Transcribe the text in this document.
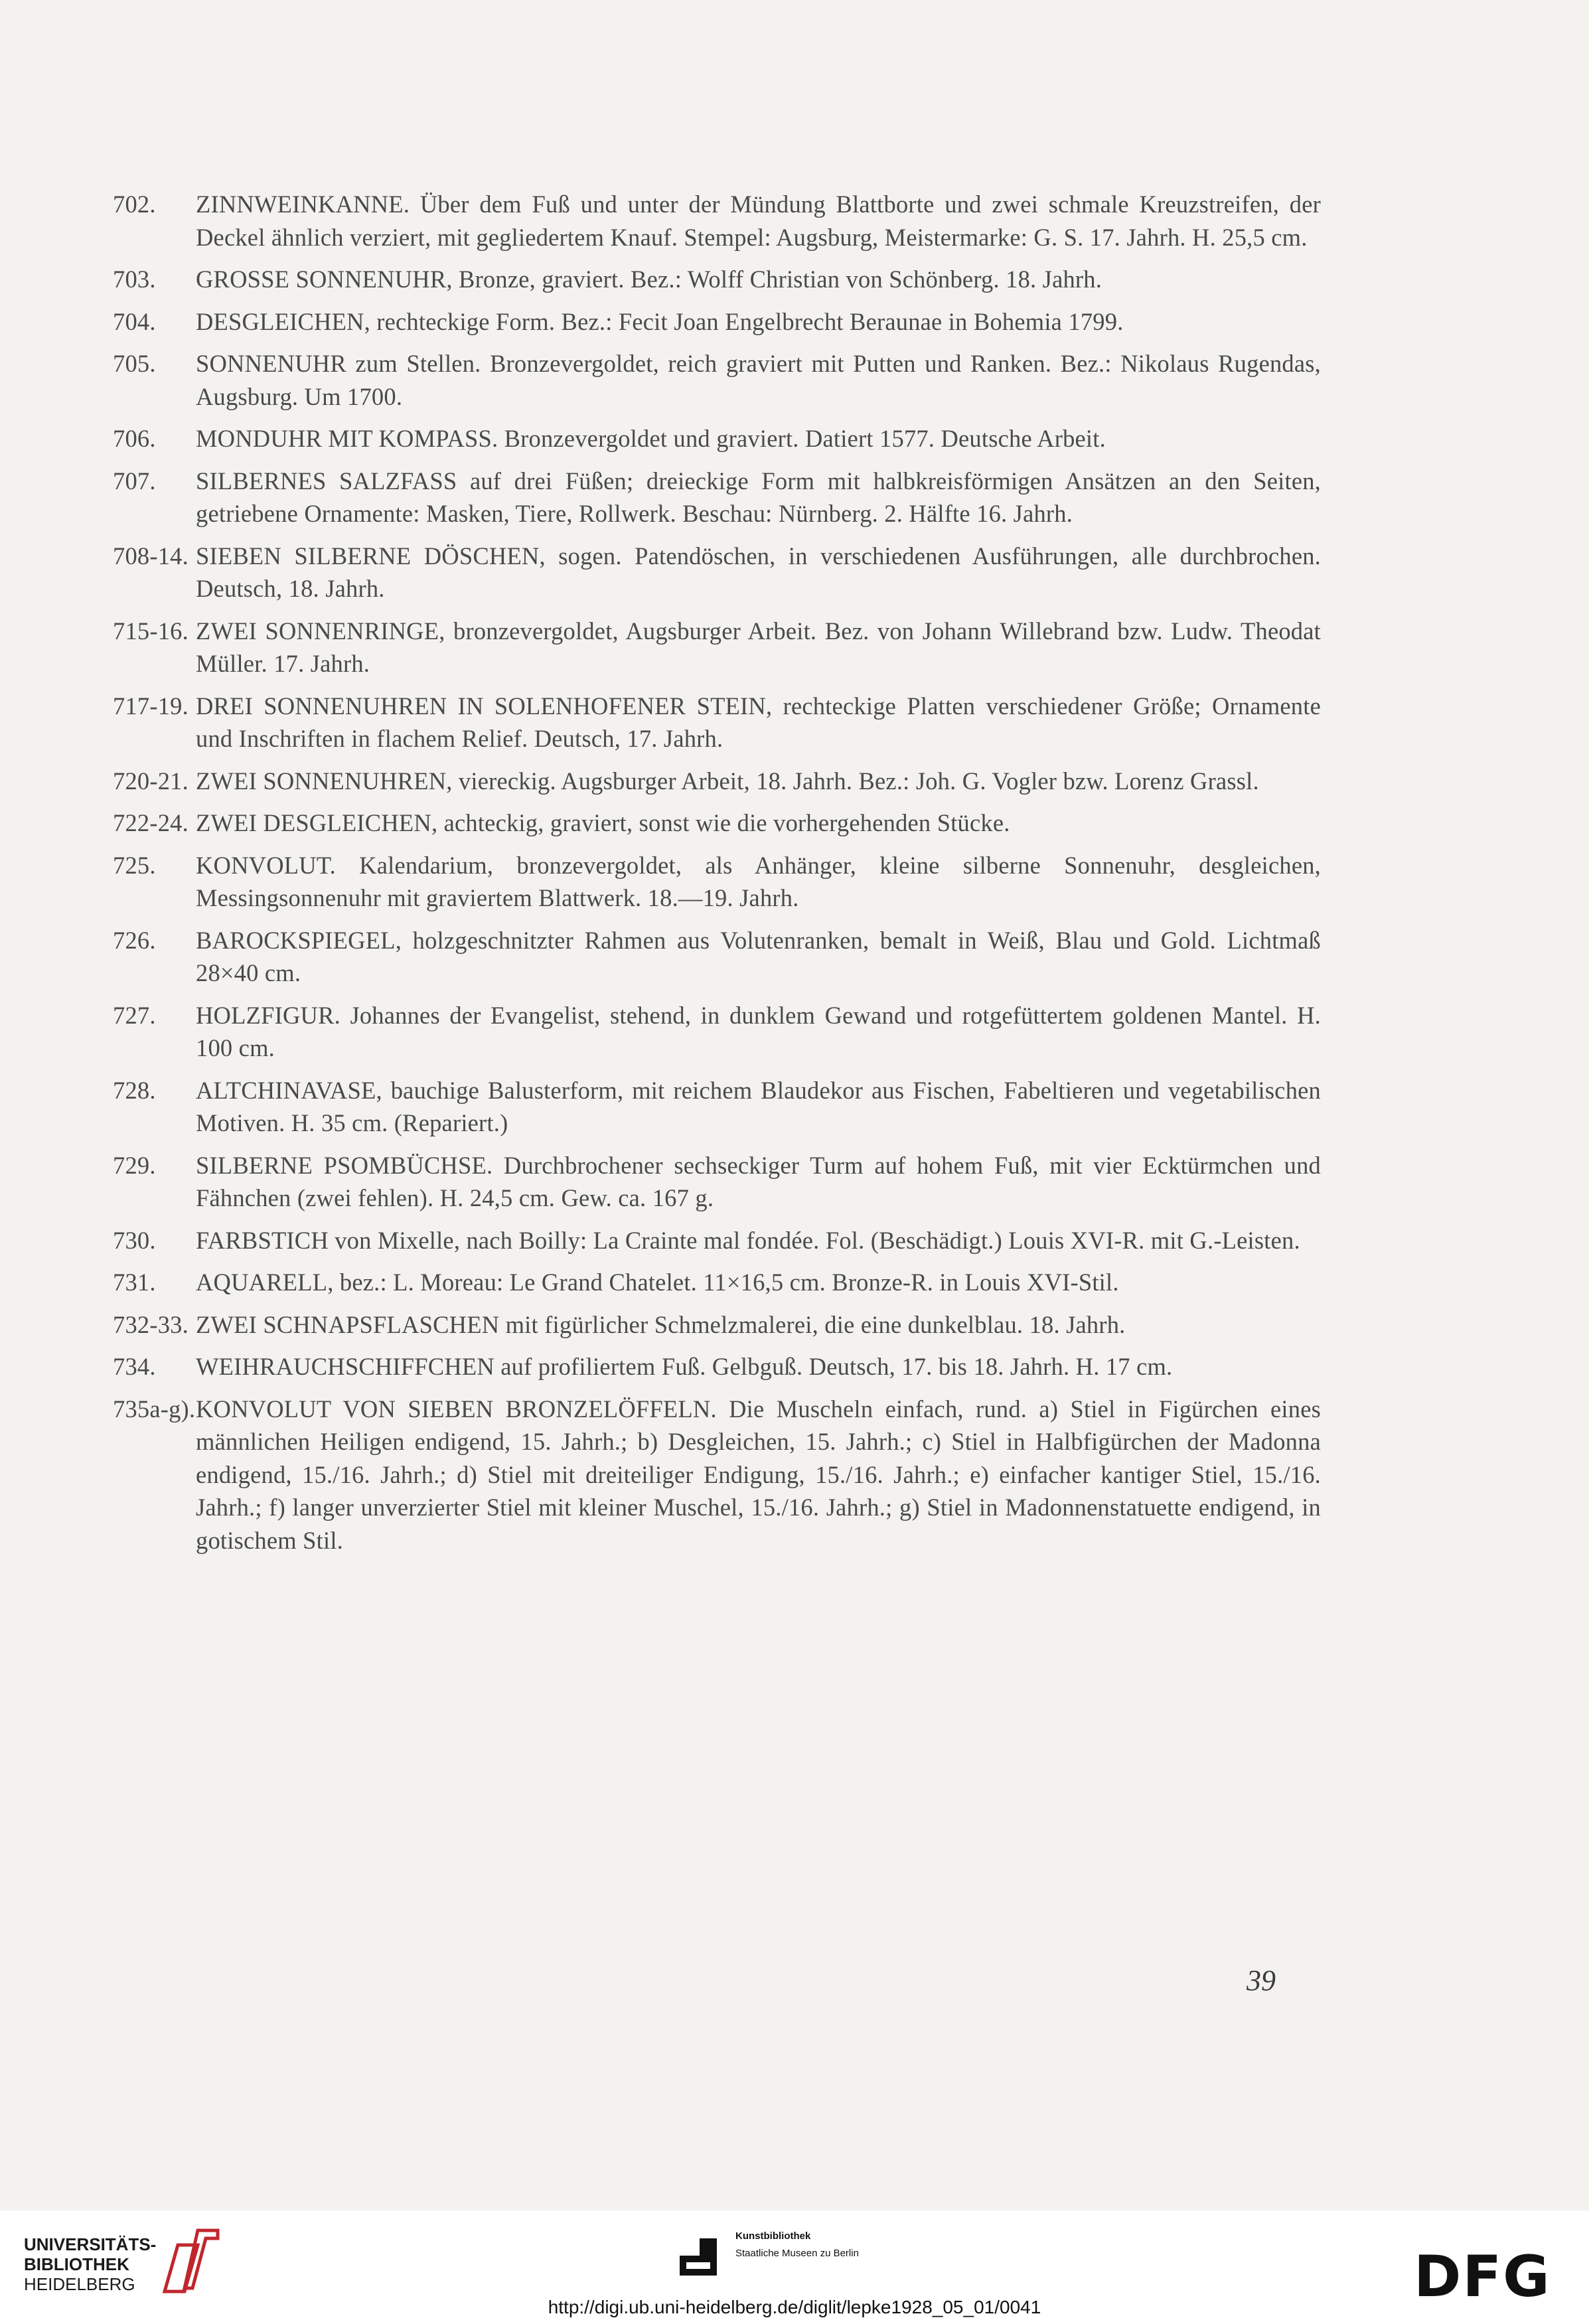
702. ZINNWEINKANNE. Über dem Fuß und unter der Mündung Blattborte und zwei schmale Kreuzstreifen, der Deckel ähnlich verziert, mit gegliedertem Knauf. Stempel: Augsburg, Meistermarke: G. S. 17. Jahrh. H. 25,5 cm.
703. GROSSE SONNENUHR, Bronze, graviert. Bez.: Wolff Christian von Schönberg. 18. Jahrh.
704. DESGLEICHEN, rechteckige Form. Bez.: Fecit Joan Engelbrecht Beraunae in Bohemia 1799.
705. SONNENUHR zum Stellen. Bronzevergoldet, reich graviert mit Putten und Ranken. Bez.: Nikolaus Rugendas, Augsburg. Um 1700.
706. MONDUHR MIT KOMPASS. Bronzevergoldet und graviert. Datiert 1577. Deutsche Arbeit.
707. SILBERNES SALZFASS auf drei Füßen; dreieckige Form mit halbkreisförmigen Ansätzen an den Seiten, getriebene Ornamente: Masken, Tiere, Rollwerk. Beschau: Nürnberg. 2. Hälfte 16. Jahrh.
708-14. SIEBEN SILBERNE DÖSCHEN, sogen. Patendöschen, in verschiedenen Ausführungen, alle durchbrochen. Deutsch, 18. Jahrh.
715-16. ZWEI SONNENRINGE, bronzevergoldet, Augsburger Arbeit. Bez. von Johann Willebrand bzw. Ludw. Theodat Müller. 17. Jahrh.
717-19. DREI SONNENUHREN IN SOLENHOFENER STEIN, rechteckige Platten verschiedener Größe; Ornamente und Inschriften in flachem Relief. Deutsch, 17. Jahrh.
720-21. ZWEI SONNENUHREN, viereckig. Augsburger Arbeit, 18. Jahrh. Bez.: Joh. G. Vogler bzw. Lorenz Grassl.
722-24. ZWEI DESGLEICHEN, achteckig, graviert, sonst wie die vorhergehenden Stücke.
725. KONVOLUT. Kalendarium, bronzevergoldet, als Anhänger, kleine silberne Sonnenuhr, desgleichen, Messingsonnenuhr mit graviertem Blattwerk. 18.—19. Jahrh.
726. BAROCKSPIEGEL, holzgeschnitzter Rahmen aus Volutenranken, bemalt in Weiß, Blau und Gold. Lichtmaß 28×40 cm.
727. HOLZFIGUR. Johannes der Evangelist, stehend, in dunklem Gewand und rotgefüttertem goldenen Mantel. H. 100 cm.
728. ALTCHINAVASE, bauchige Balusterform, mit reichem Blaudekor aus Fischen, Fabeltieren und vegetabilischen Motiven. H. 35 cm. (Repariert.)
729. SILBERNE PSOMBÜCHSE. Durchbrochener sechseckiger Turm auf hohem Fuß, mit vier Ecktürmchen und Fähnchen (zwei fehlen). H. 24,5 cm. Gew. ca. 167 g.
730. FARBSTICH von Mixelle, nach Boilly: La Crainte mal fondée. Fol. (Beschädigt.) Louis XVI-R. mit G.-Leisten.
731. AQUARELL, bez.: L. Moreau: Le Grand Chatelet. 11×16,5 cm. Bronze-R. in Louis XVI-Stil.
732-33. ZWEI SCHNAPSFLASCHEN mit figürlicher Schmelzmalerei, die eine dunkelblau. 18. Jahrh.
734. WEIHRAUCHSCHIFFCHEN auf profiliertem Fuß. Gelbguß. Deutsch, 17. bis 18. Jahrh. H. 17 cm.
735a-g). KONVOLUT VON SIEBEN BRONZELÖFFELN. Die Muscheln einfach, rund. a) Stiel in Figürchen eines männlichen Heiligen endigend, 15. Jahrh.; b) Desgleichen, 15. Jahrh.; c) Stiel in Halbfigürchen der Madonna endigend, 15./16. Jahrh.; d) Stiel mit dreiteiliger Endigung, 15./16. Jahrh.; e) einfacher kantiger Stiel, 15./16. Jahrh.; f) langer unverzierter Stiel mit kleiner Muschel, 15./16. Jahrh.; g) Stiel in Madonnenstatuette endigend, in gotischem Stil.
39
UNIVERSITÄTS-
BIBLIOTHEK
HEIDELBERG
Kunstbibliothek
Staatliche Museen zu Berlin	DFG
http://digi.ub.uni-heidelberg.de/diglit/lepke1928_05_01/0041
